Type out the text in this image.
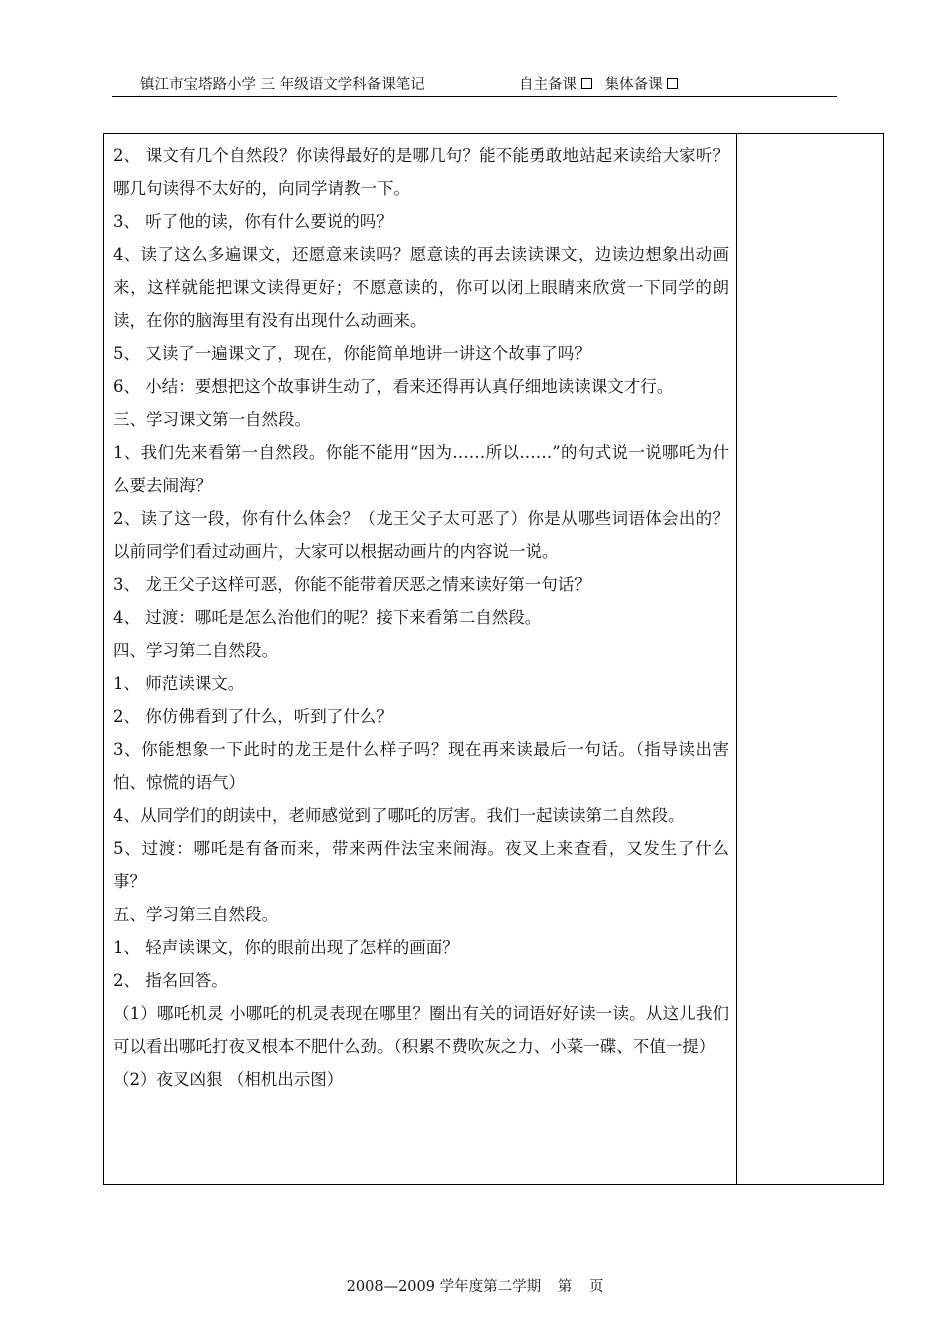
镇江市宝塔路小学 三 年级语文学科备课笔记	自主备课 集体备课

2、 课文有几个自然段？你读得最好的是哪几句？能不能勇敢地站起来读给大家听？哪几句读得不太好的，向同学请教一下。

3、 听了他的读，你有什么要说的吗？

4、读了这么多遍课文，还愿意来读吗？愿意读的再去读读课文，边读边想象出动画来，这样就能把课文读得更好；不愿意读的，你可以闭上眼睛来欣赏一下同学的朗读，在你的脑海里有没有出现什么动画来。

5、 又读了一遍课文了，现在，你能简单地讲一讲这个故事了吗？

6、 小结：要想把这个故事讲生动了，看来还得再认真仔细地读读课文才行。

三、学习课文第一自然段。

1、我们先来看第一自然段。你能不能用“因为……所以……”的句式说一说哪吒为什么要去闹海？

2、读了这一段，你有什么体会？（龙王父子太可恶了）你是从哪些词语体会出的？以前同学们看过动画片，大家可以根据动画片的内容说一说。

3、 龙王父子这样可恶，你能不能带着厌恶之情来读好第一句话？

4、 过渡：哪吒是怎么治他们的呢？接下来看第二自然段。

四、学习第二自然段。

1、 师范读课文。

2、 你仿佛看到了什么，听到了什么？

3、你能想象一下此时的龙王是什么样子吗？现在再来读最后一句话。（指导读出害怕、惊慌的语气）

4、从同学们的朗读中，老师感觉到了哪吒的厉害。我们一起读读第二自然段。

5、过渡：哪吒是有备而来，带来两件法宝来闹海。夜叉上来查看，又发生了什么事？

五、学习第三自然段。

1、 轻声读课文，你的眼前出现了怎样的画面？

2、 指名回答。

（1）哪吒机灵 小哪吒的机灵表现在哪里？圈出有关的词语好好读一读。从这儿我们可以看出哪吒打夜叉根本不肥什么劲。（积累不费吹灰之力、小菜一碟、不值一提）

（2）夜叉凶狠 （相机出示图）

2008—2009 学年度第二学期 第 页
